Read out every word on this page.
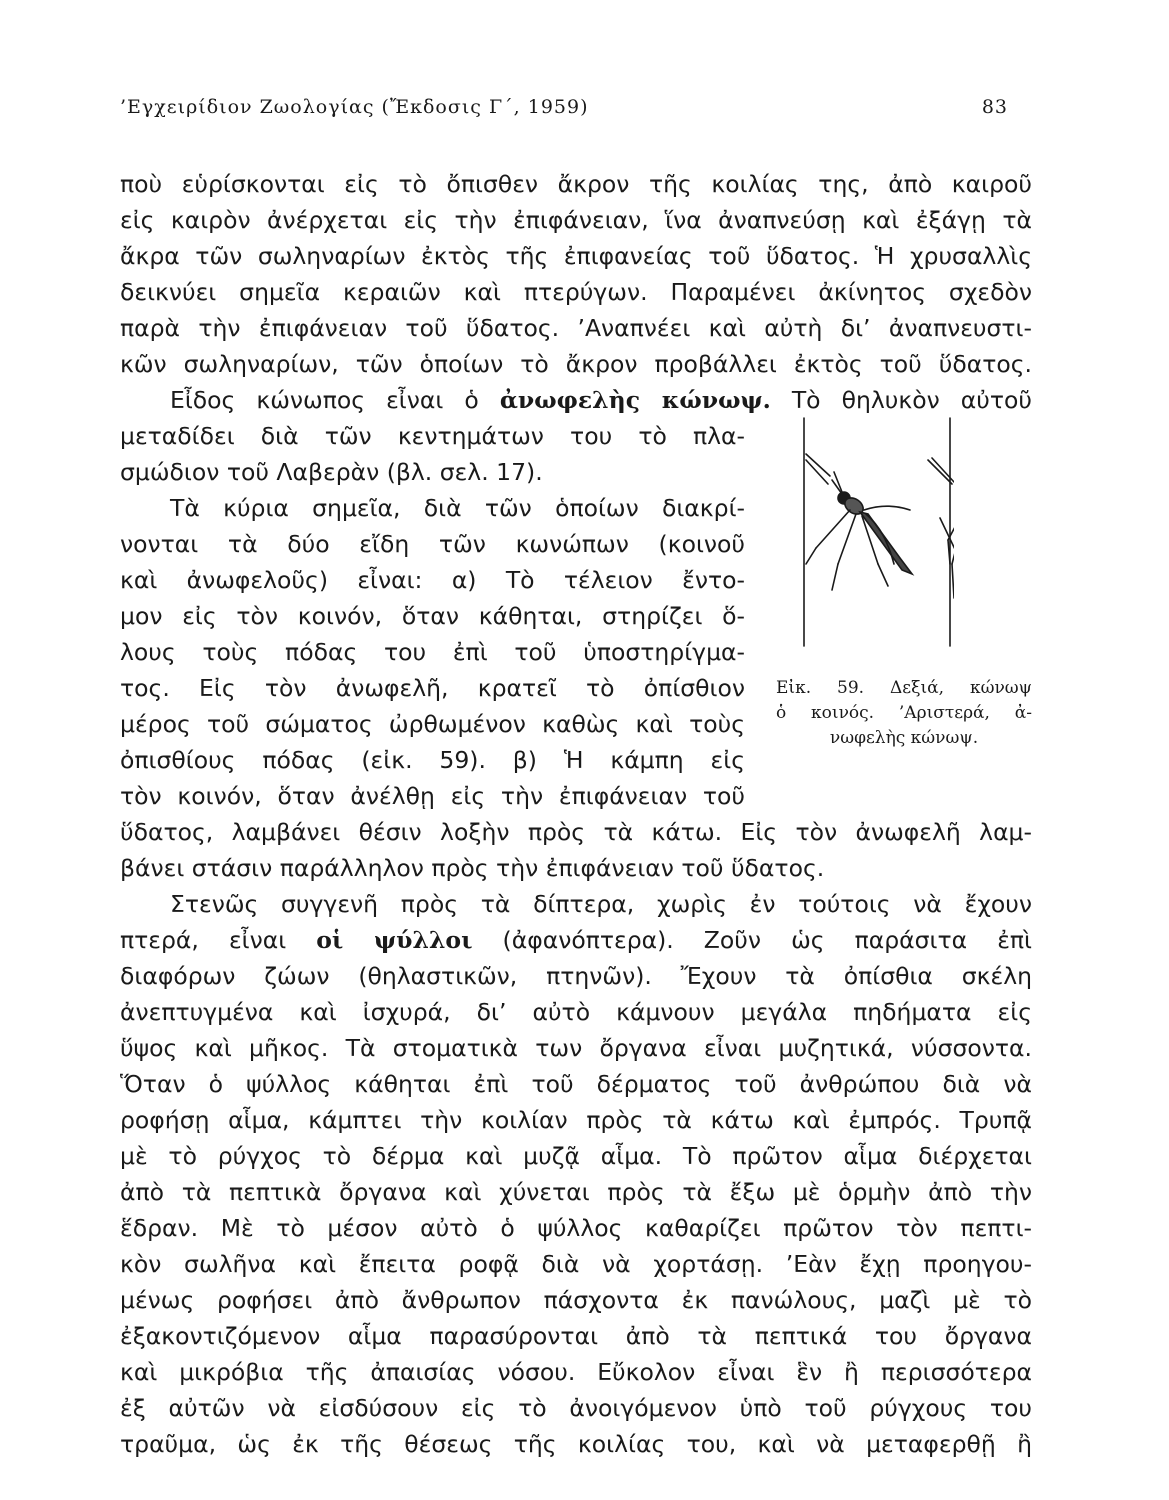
’Εγχειρίδιον Ζωολογίας (Ἔκδοσις Γ΄, 1959)	83
ποὺ εὑρίσκονται εἰς τὸ ὄπισθεν ἄκρον τῆς κοιλίας της, ἀπὸ καιροῦ
εἰς καιρὸν ἀνέρχεται εἰς τὴν ἐπιφάνειαν, ἵνα ἀναπνεύσῃ καὶ ἐξάγῃ τὰ
ἄκρα τῶν σωληναρίων ἐκτὸς τῆς ἐπιφανείας τοῦ ὕδατος. Ἡ χρυσαλλὶς
δεικνύει σημεῖα κεραιῶν καὶ πτερύγων. Παραμένει ἀκίνητος σχεδὸν
παρὰ τὴν ἐπιφάνειαν τοῦ ὕδατος. ’Αναπνέει καὶ αὐτὴ δι’ ἀναπνευστι-
κῶν σωληναρίων, τῶν ὁποίων τὸ ἄκρον προβάλλει ἐκτὸς τοῦ ὕδατος.
Εἶδος κώνωπος εἶναι ὁ ἀνωφελὴς κώνωψ. Τὸ θηλυκὸν αὐτοῦ
μεταδίδει διὰ τῶν κεντημάτων του τὸ πλα-
σμώδιον τοῦ Λαβερὰν (βλ. σελ. 17).
Τὰ κύρια σημεῖα, διὰ τῶν ὁποίων διακρί-
νονται τὰ δύο εἴδη τῶν κωνώπων (κοινοῦ
καὶ ἀνωφελοῦς) εἶναι: α) Τὸ τέλειον ἔντο-
μον εἰς τὸν κοινόν, ὅταν κάθηται, στηρίζει ὅ-
λους τοὺς πόδας του ἐπὶ τοῦ ὑποστηρίγμα-
τος. Εἰς τὸν ἀνωφελῆ, κρατεῖ τὸ ὀπίσθιον
μέρος τοῦ σώματος ὠρθωμένον καθὼς καὶ τοὺς
ὀπισθίους πόδας (εἰκ. 59). β) Ἡ κάμπη εἰς
τὸν κοινόν, ὅταν ἀνέλθῃ εἰς τὴν ἐπιφάνειαν τοῦ
ὕδατος, λαμβάνει θέσιν λοξὴν πρὸς τὰ κάτω. Εἰς τὸν ἀνωφελῆ λαμ-
βάνει στάσιν παράλληλον πρὸς τὴν ἐπιφάνειαν τοῦ ὕδατος.
Στενῶς συγγενῆ πρὸς τὰ δίπτερα, χωρὶς ἐν τούτοις νὰ ἔχουν
πτερά, εἶναι οἱ ψύλλοι (ἀφανόπτερα). Ζοῦν ὡς παράσιτα ἐπὶ
διαφόρων ζώων (θηλαστικῶν, πτηνῶν). Ἔχουν τὰ ὀπίσθια σκέλη
ἀνεπτυγμένα καὶ ἰσχυρά, δι’ αὐτὸ κάμνουν μεγάλα πηδήματα εἰς
ὕψος καὶ μῆκος. Τὰ στοματικὰ των ὄργανα εἶναι μυζητικά, νύσσοντα.
Ὅταν ὁ ψύλλος κάθηται ἐπὶ τοῦ δέρματος τοῦ ἀνθρώπου διὰ νὰ
ροφήσῃ αἷμα, κάμπτει τὴν κοιλίαν πρὸς τὰ κάτω καὶ ἐμπρός. Τρυπᾷ
μὲ τὸ ρύγχος τὸ δέρμα καὶ μυζᾷ αἷμα. Τὸ πρῶτον αἷμα διέρχεται
ἀπὸ τὰ πεπτικὰ ὄργανα καὶ χύνεται πρὸς τὰ ἔξω μὲ ὁρμὴν ἀπὸ τὴν
ἕδραν. Μὲ τὸ μέσον αὐτὸ ὁ ψύλλος καθαρίζει πρῶτον τὸν πεπτι-
κὸν σωλῆνα καὶ ἔπειτα ροφᾷ διὰ νὰ χορτάσῃ. ’Εὰν ἔχῃ προηγου-
μένως ροφήσει ἀπὸ ἄνθρωπον πάσχοντα ἐκ πανώλους, μαζὶ μὲ τὸ
ἐξακοντιζόμενον αἷμα παρασύρονται ἀπὸ τὰ πεπτικά του ὄργανα
καὶ μικρόβια τῆς ἀπαισίας νόσου. Εὔκολον εἶναι ἓν ἢ περισσότερα
ἐξ αὐτῶν νὰ εἰσδύσουν εἰς τὸ ἀνοιγόμενον ὑπὸ τοῦ ρύγχους του
τραῦμα, ὡς ἐκ τῆς θέσεως τῆς κοιλίας του, καὶ νὰ μεταφερθῇ ἢ
Εἰκ. 59. Δεξιά, κώνωψ
ὁ κοινός. ’Αριστερά, ἀ-
νωφελὴς κώνωψ.
